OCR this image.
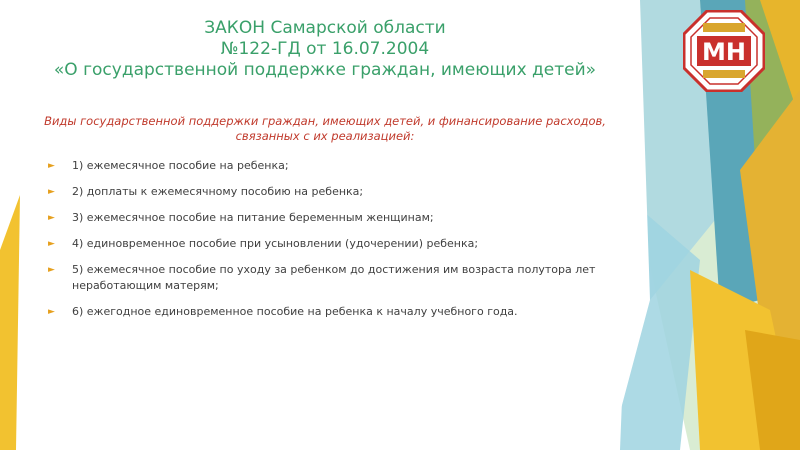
ЗАКОН Самарской области
№122-ГД от 16.07.2004
«О государственной поддержке граждан, имеющих детей»
Виды государственной поддержки граждан, имеющих детей, и финансирование расходов, связанных с их реализацией:
► 1) ежемесячное пособие на ребенка;
► 2) доплаты к ежемесячному пособию на ребенка;
► 3) ежемесячное пособие на питание беременным женщинам;
► 4) единовременное пособие при усыновлении (удочерении) ребенка;
► 5) ежемесячное пособие по уходу за ребенком до достижения им возраста полутора лет неработающим матерям;
► 6) ежегодное единовременное пособие на ребенка к началу учебного года.
МН
